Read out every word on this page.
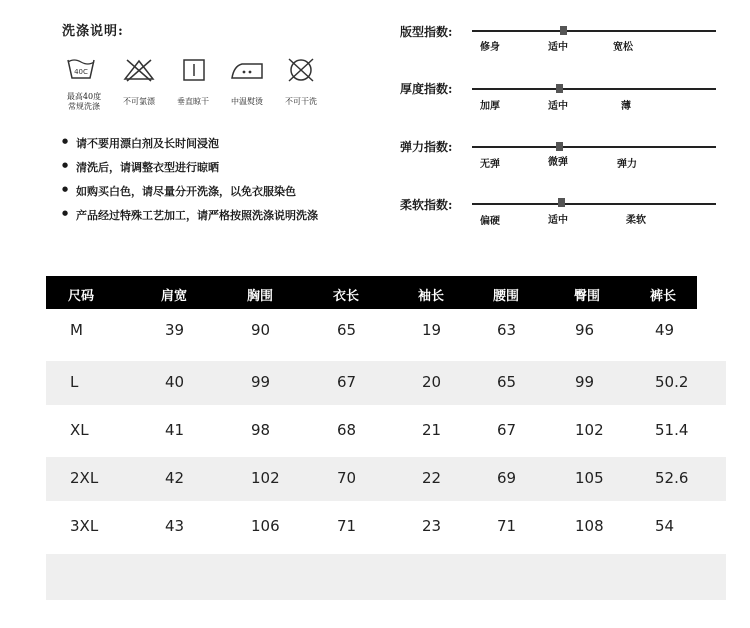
洗涤说明:
40C
最高40度
常规洗涤
不可氯漂	垂直晾干	中温熨烫	不可干洗
● 请不要用漂白剂及长时间浸泡
● 清洗后，请调整衣型进行晾晒
● 如购买白色，请尽量分开洗涤，以免衣服染色
● 产品经过特殊工艺加工，请严格按照洗涤说明洗涤
版型指数:
修身	适中	宽松
厚度指数:
加厚	适中	薄
弹力指数:
无弹	微弹	弹力
柔软指数:
偏硬	适中	柔软
尺码	肩宽	胸围	衣长	袖长	腰围	臀围	裤长
M	39	90	65	19	63	96	49
L	40	99	67	20	65	99	50.2
XL	41	98	68	21	67	102	51.4
2XL	42	102	70	22	69	105	52.6
3XL	43	106	71	23	71	108	54
